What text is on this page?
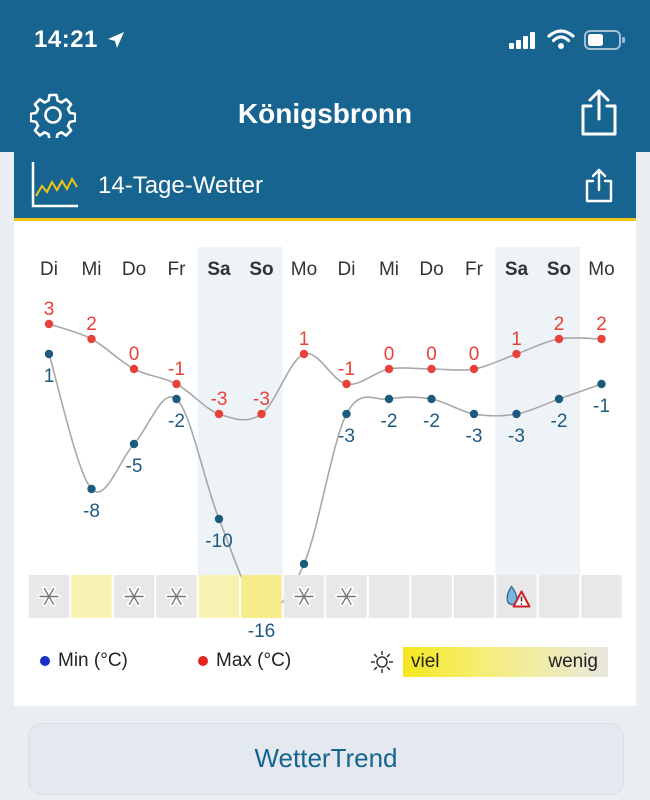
14:21
Königsbronn
14-Tage-Wetter
Di Mi Do Fr Sa So Mo Di Mi Do Fr Sa So Mo
3
2
0
-1
-3 -3
1
-1
0 0 0
1
2 2
1
-8
-5
-2
-10
-16
-3
-2 -2
-3 -3
-2
-1
Min (°C)	Max (°C)	viel	wenig
WetterTrend
